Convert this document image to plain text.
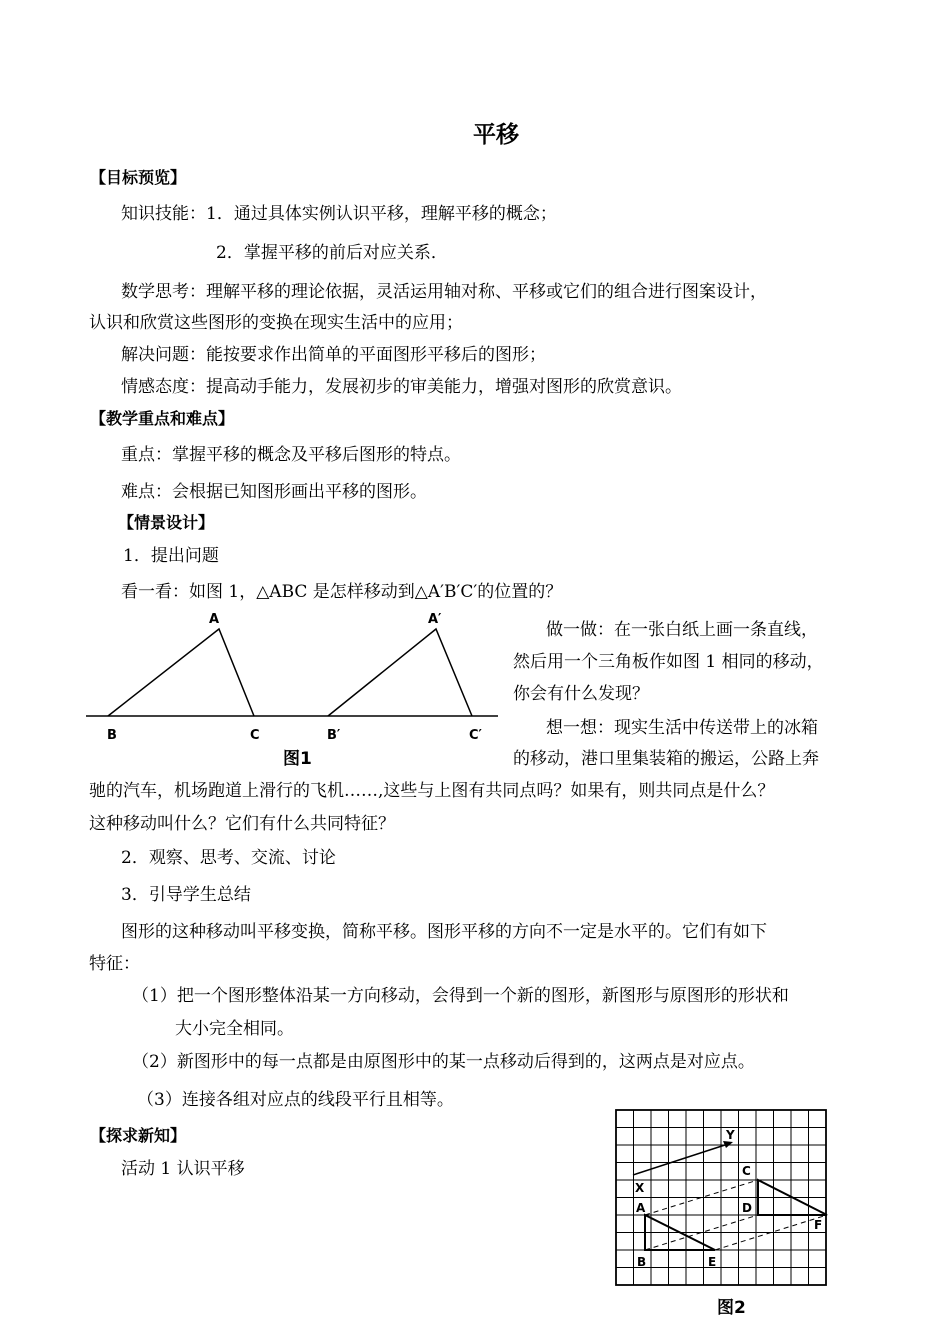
平移
【目标预览】
知识技能：1．通过具体实例认识平移，理解平移的概念；
2．掌握平移的前后对应关系．
数学思考：理解平移的理论依据，灵活运用轴对称、平移或它们的组合进行图案设计，
认识和欣赏这些图形的变换在现实生活中的应用；
解决问题：能按要求作出简单的平面图形平移后的图形；
情感态度：提高动手能力，发展初步的审美能力，增强对图形的欣赏意识。
【教学重点和难点】
重点：掌握平移的概念及平移后图形的特点。
难点：会根据已知图形画出平移的图形。
【情景设计】
1．提出问题
看一看：如图 1，△ABC 是怎样移动到△A′B′C′的位置的？
A
B	C
A′
B′	C′
图1
做一做：在一张白纸上画一条直线，
然后用一个三角板作如图 1 相同的移动，
你会有什么发现？
想一想：现实生活中传送带上的冰箱
的移动，港口里集装箱的搬运，公路上奔
驰的汽车，机场跑道上滑行的飞机……,这些与上图有共同点吗？如果有，则共同点是什么？
这种移动叫什么？它们有什么共同特征？
2．观察、思考、交流、讨论
3．引导学生总结
图形的这种移动叫平移变换，简称平移。图形平移的方向不一定是水平的。它们有如下
特征：
（1）把一个图形整体沿某一方向移动，会得到一个新的图形，新图形与原图形的形状和
大小完全相同。
（2）新图形中的每一点都是由原图形中的某一点移动后得到的，这两点是对应点。
（3）连接各组对应点的线段平行且相等。
【探求新知】
活动 1 认识平移
X
Y
A
B
C
D
E
F
图2
